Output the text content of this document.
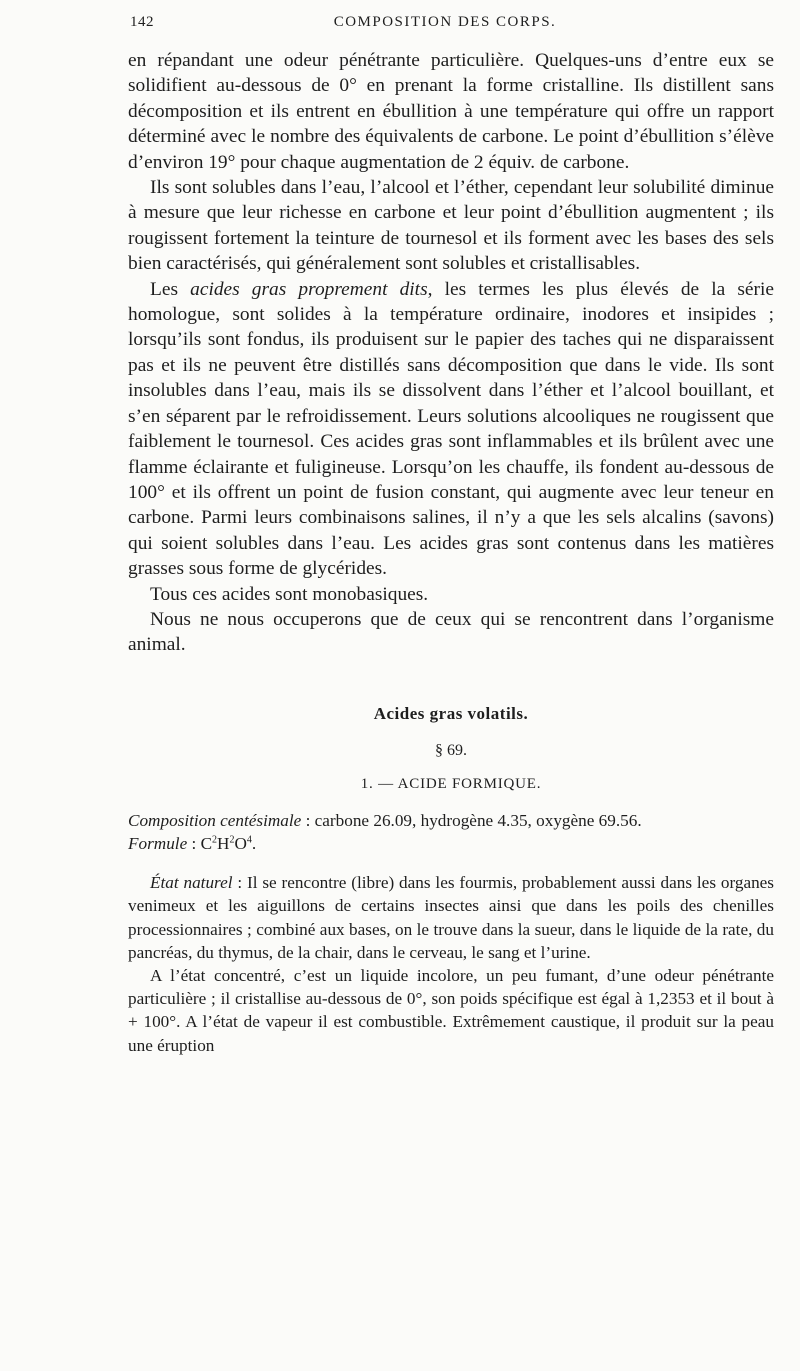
142	COMPOSITION DES CORPS.

en répandant une odeur pénétrante particulière. Quelques-uns d’entre eux se solidifient au-dessous de 0° en prenant la forme cristalline. Ils distillent sans décomposition et ils entrent en ébullition à une température qui offre un rapport déterminé avec le nombre des équivalents de carbone. Le point d’ébullition s’élève d’environ 19° pour chaque augmentation de 2 équiv. de carbone.

Ils sont solubles dans l’eau, l’alcool et l’éther, cependant leur solubilité diminue à mesure que leur richesse en carbone et leur point d’ébullition augmentent ; ils rougissent fortement la teinture de tournesol et ils forment avec les bases des sels bien caractérisés, qui généralement sont solubles et cristallisables.

Les acides gras proprement dits, les termes les plus élevés de la série homologue, sont solides à la température ordinaire, inodores et insipides ; lorsqu’ils sont fondus, ils produisent sur le papier des taches qui ne disparaissent pas et ils ne peuvent être distillés sans décomposition que dans le vide. Ils sont insolubles dans l’eau, mais ils se dissolvent dans l’éther et l’alcool bouillant, et s’en séparent par le refroidissement. Leurs solutions alcooliques ne rougissent que faiblement le tournesol. Ces acides gras sont inflammables et ils brûlent avec une flamme éclairante et fuligineuse. Lorsqu’on les chauffe, ils fondent au-dessous de 100° et ils offrent un point de fusion constant, qui augmente avec leur teneur en carbone. Parmi leurs combinaisons salines, il n’y a que les sels alcalins (savons) qui soient solubles dans l’eau. Les acides gras sont contenus dans les matières grasses sous forme de glycérides.

Tous ces acides sont monobasiques.

Nous ne nous occuperons que de ceux qui se rencontrent dans l’organisme animal.

Acides gras volatils.
§ 69.
1. — ACIDE FORMIQUE.

Composition centésimale : carbone 26.09, hydrogène 4.35, oxygène 69.56.

Formule : $C^2H^2O^4$.

État naturel : Il se rencontre (libre) dans les fourmis, probablement aussi dans les organes venimeux et les aiguillons de certains insectes ainsi que dans les poils des chenilles processionnaires ; combiné aux bases, on le trouve dans la sueur, dans le liquide de la rate, du pancréas, du thymus, de la chair, dans le cerveau, le sang et l’urine.

A l’état concentré, c’est un liquide incolore, un peu fumant, d’une odeur pénétrante particulière ; il cristallise au-dessous de 0°, son poids spécifique est égal à 1,2353 et il bout à + 100°. A l’état de vapeur il est combustible. Extrêmement caustique, il produit sur la peau une éruption
